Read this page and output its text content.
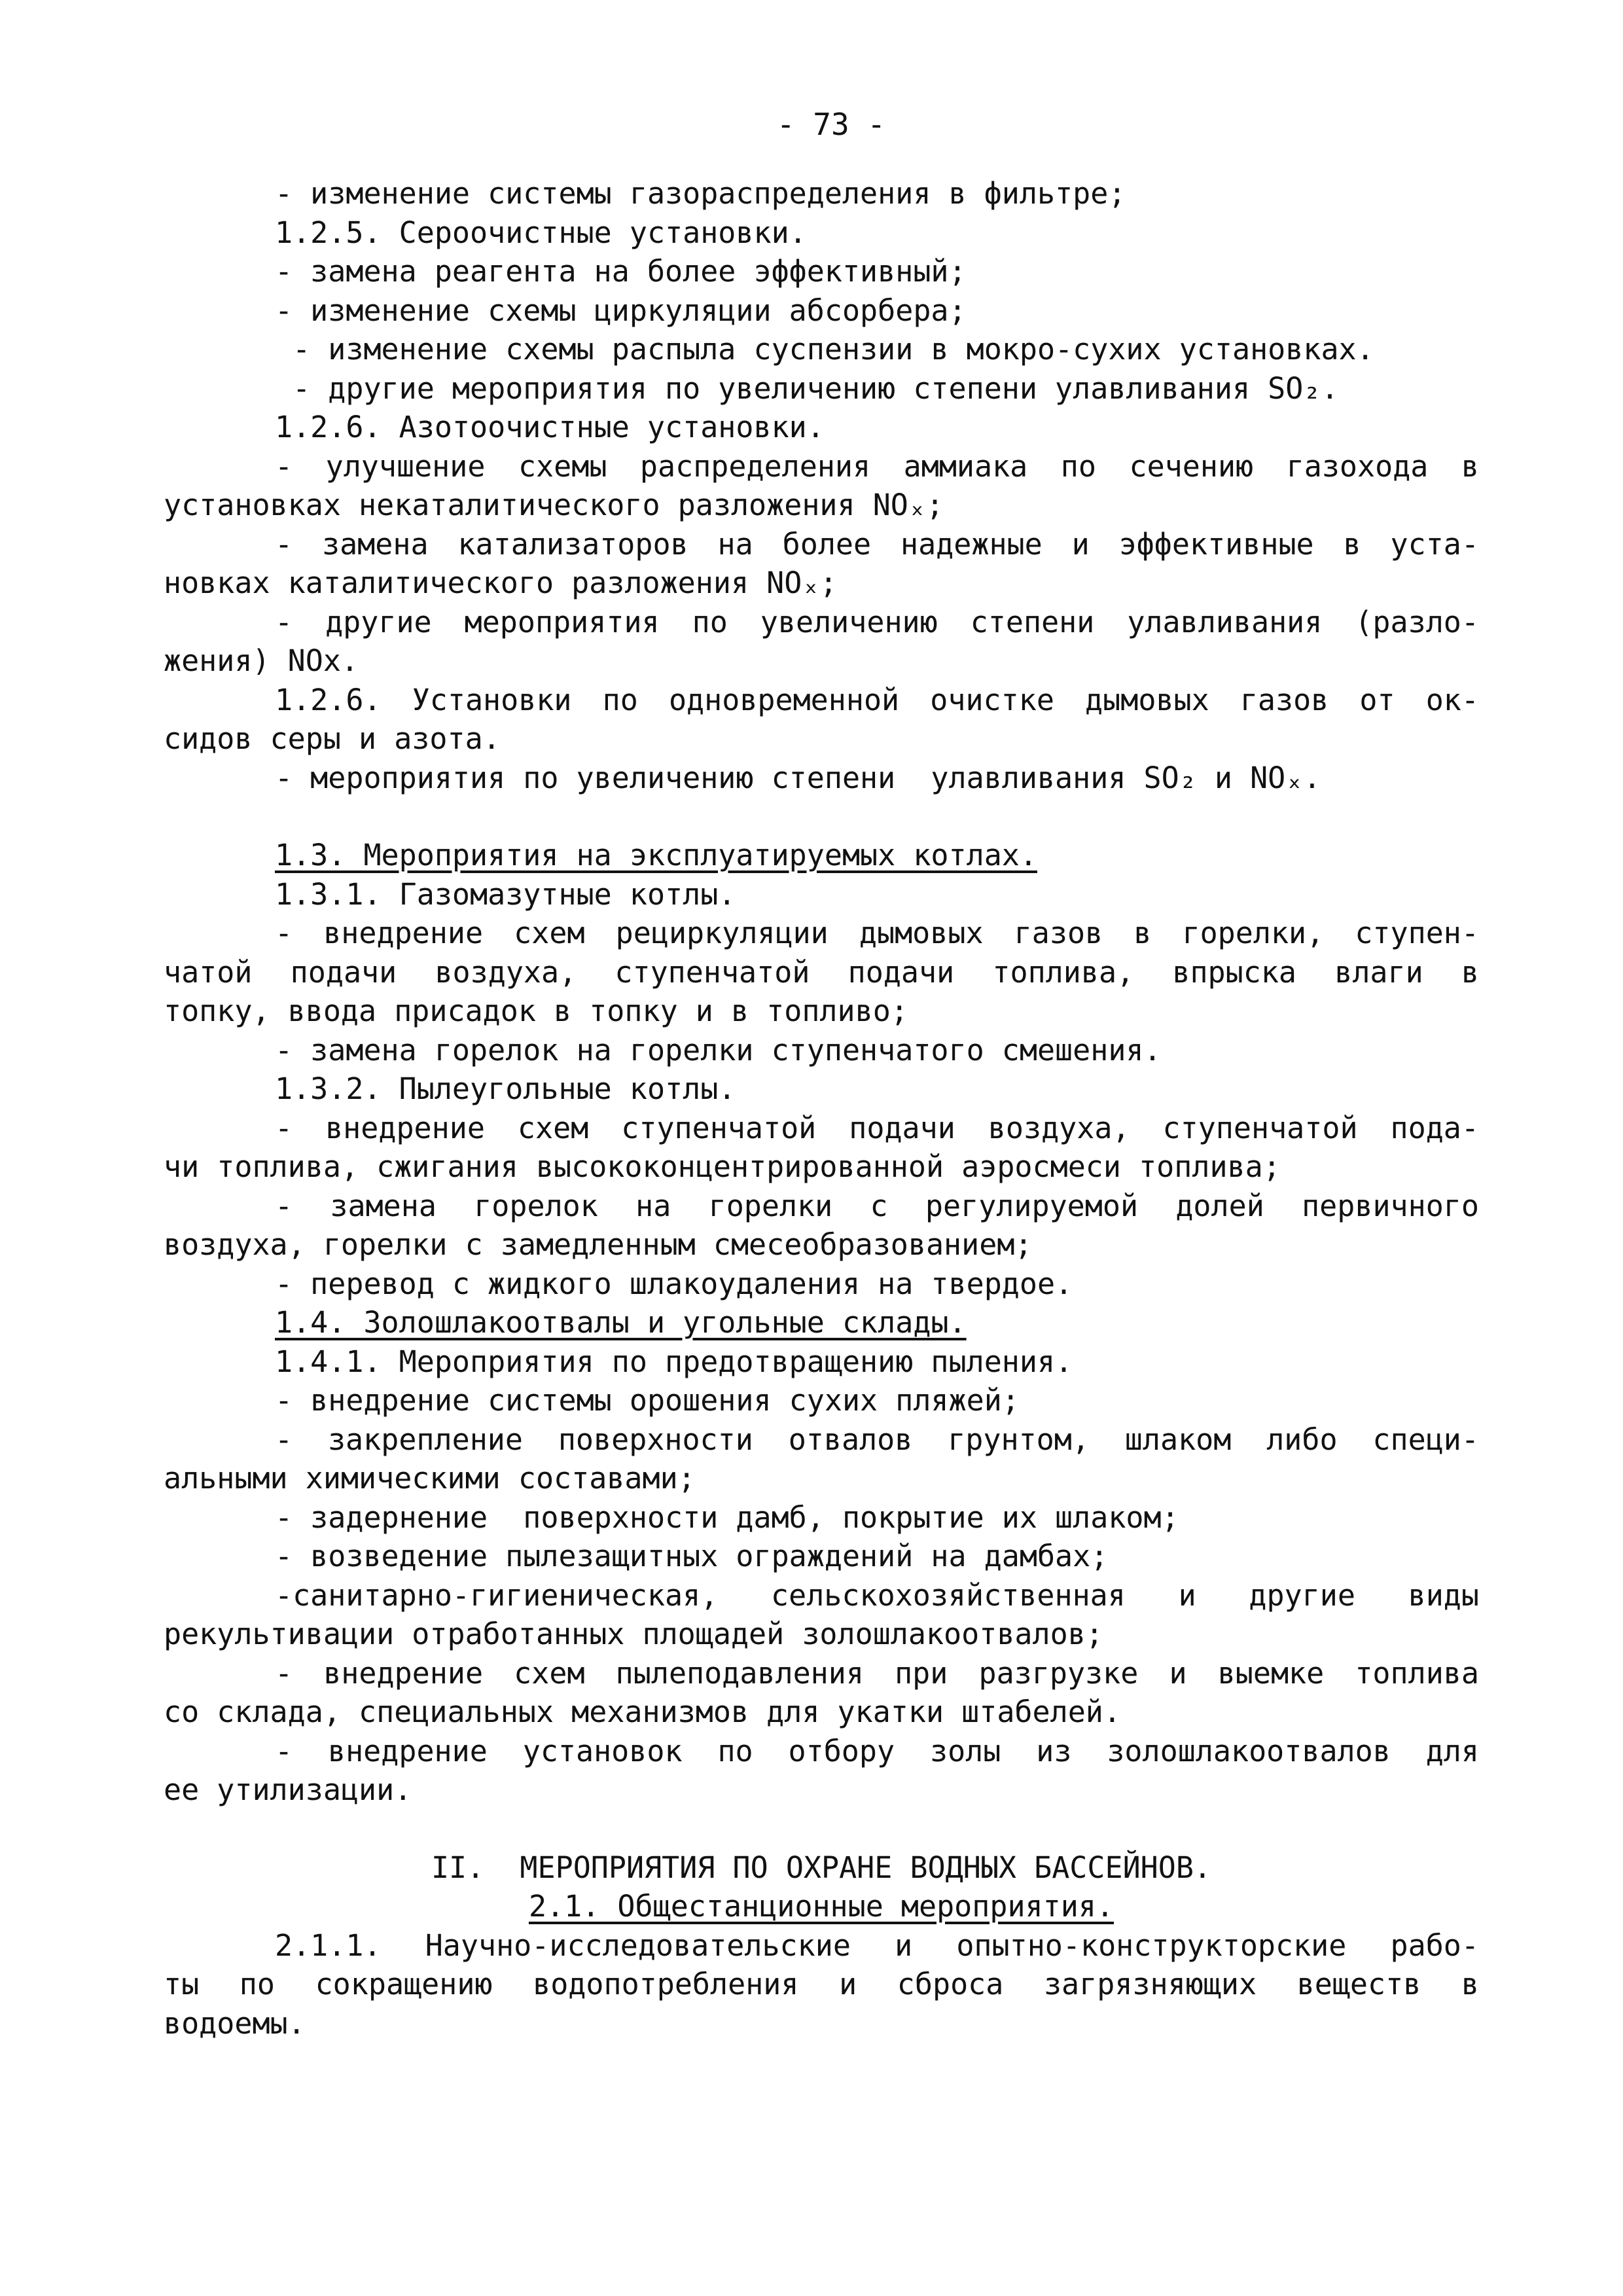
- 73 -
- изменение системы газораспределения в фильтре;
1.2.5. Сероочистные установки.
- замена реагента на более эффективный;
- изменение схемы циркуляции абсорбера;
- изменение схемы распыла суспензии в мокро-сухих установках.
- другие мероприятия по увеличению степени улавливания SO₂.
1.2.6. Азотоочистные установки.
- улучшение схемы распределения аммиака по сечению газохода в
установках некаталитического разложения NOₓ;
- замена катализаторов на более надежные и эффективные в уста-
новках каталитического разложения NOₓ;
- другие мероприятия по увеличению степени улавливания (разло-
жения) NOx.
1.2.6. Установки по одновременной очистке дымовых газов от ок-
сидов серы и азота.
- мероприятия по увеличению степени  улавливания SO₂ и NOₓ.
1.3. Мероприятия на эксплуатируемых котлах.
1.3.1. Газомазутные котлы.
- внедрение схем рециркуляции дымовых газов в горелки, ступен-
чатой подачи воздуха, ступенчатой подачи топлива, впрыска влаги в
топку, ввода присадок в топку и в топливо;
- замена горелок на горелки ступенчатого смешения.
1.3.2. Пылеугольные котлы.
- внедрение схем ступенчатой подачи воздуха, ступенчатой пода-
чи топлива, сжигания высококонцентрированной аэросмеси топлива;
- замена горелок на горелки с регулируемой долей первичного
воздуха, горелки с замедленным смесеобразованием;
- перевод с жидкого шлакоудаления на твердое.
1.4. Золошлакоотвалы и угольные склады.
1.4.1. Мероприятия по предотвращению пыления.
- внедрение системы орошения сухих пляжей;
- закрепление поверхности отвалов грунтом, шлаком либо специ-
альными химическими составами;
- задернение  поверхности дамб, покрытие их шлаком;
- возведение пылезащитных ограждений на дамбах;
-санитарно-гигиеническая, сельскохозяйственная и другие виды
рекультивации отработанных площадей золошлакоотвалов;
- внедрение схем пылеподавления при разгрузке и выемке топлива
со склада, специальных механизмов для укатки штабелей.
- внедрение установок по отбору золы из золошлакоотвалов для
ее утилизации.
II.  МЕРОПРИЯТИЯ ПО ОХРАНЕ ВОДНЫХ БАССЕЙНОВ.
2.1. Общестанционные мероприятия.
2.1.1. Научно-исследовательские и опытно-конструкторские рабо-
ты по сокращению водопотребления и сброса загрязняющих веществ в
водоемы.
